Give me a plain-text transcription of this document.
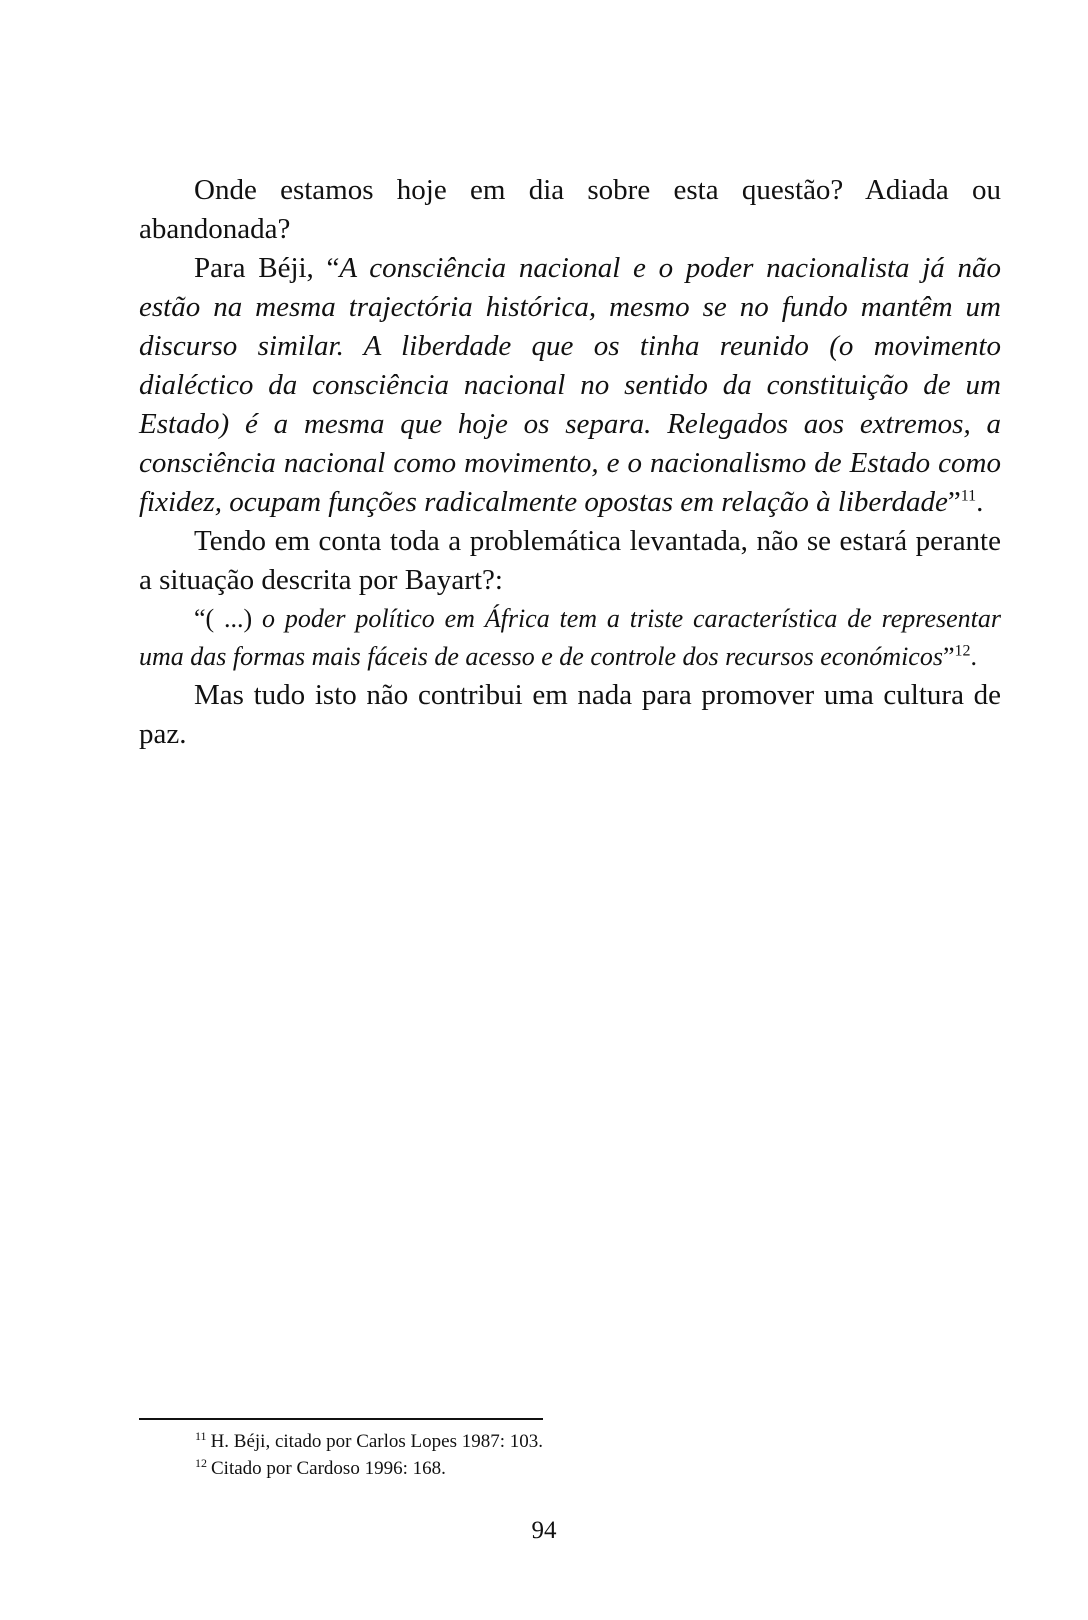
Onde estamos hoje em dia sobre esta questão? Adiada ou abandonada?

Para Béji, “A consciência nacional e o poder nacionalista já não estão na mesma trajectória histórica, mesmo se no fundo mantêm um discurso similar. A liberdade que os tinha reunido (o movimento dialéctico da consciência nacional no sentido da constituição de um Estado) é a mesma que hoje os separa. Relegados aos extremos, a consciência nacional como movimento, e o nacionalismo de Estado como fixidez, ocupam funções radicalmente opostas em relação à liberdade”$^{11}$.

Tendo em conta toda a problemática levantada, não se estará perante a situação descrita por Bayart?:

“( ...) o poder político em África tem a triste característica de representar uma das formas mais fáceis de acesso e de controle dos recursos económicos”$^{12}$.

Mas tudo isto não contribui em nada para promover uma cultura de paz.

$^{11}$ H. Béji, citado por Carlos Lopes 1987: 103.

$^{12}$ Citado por Cardoso 1996: 168.

94
